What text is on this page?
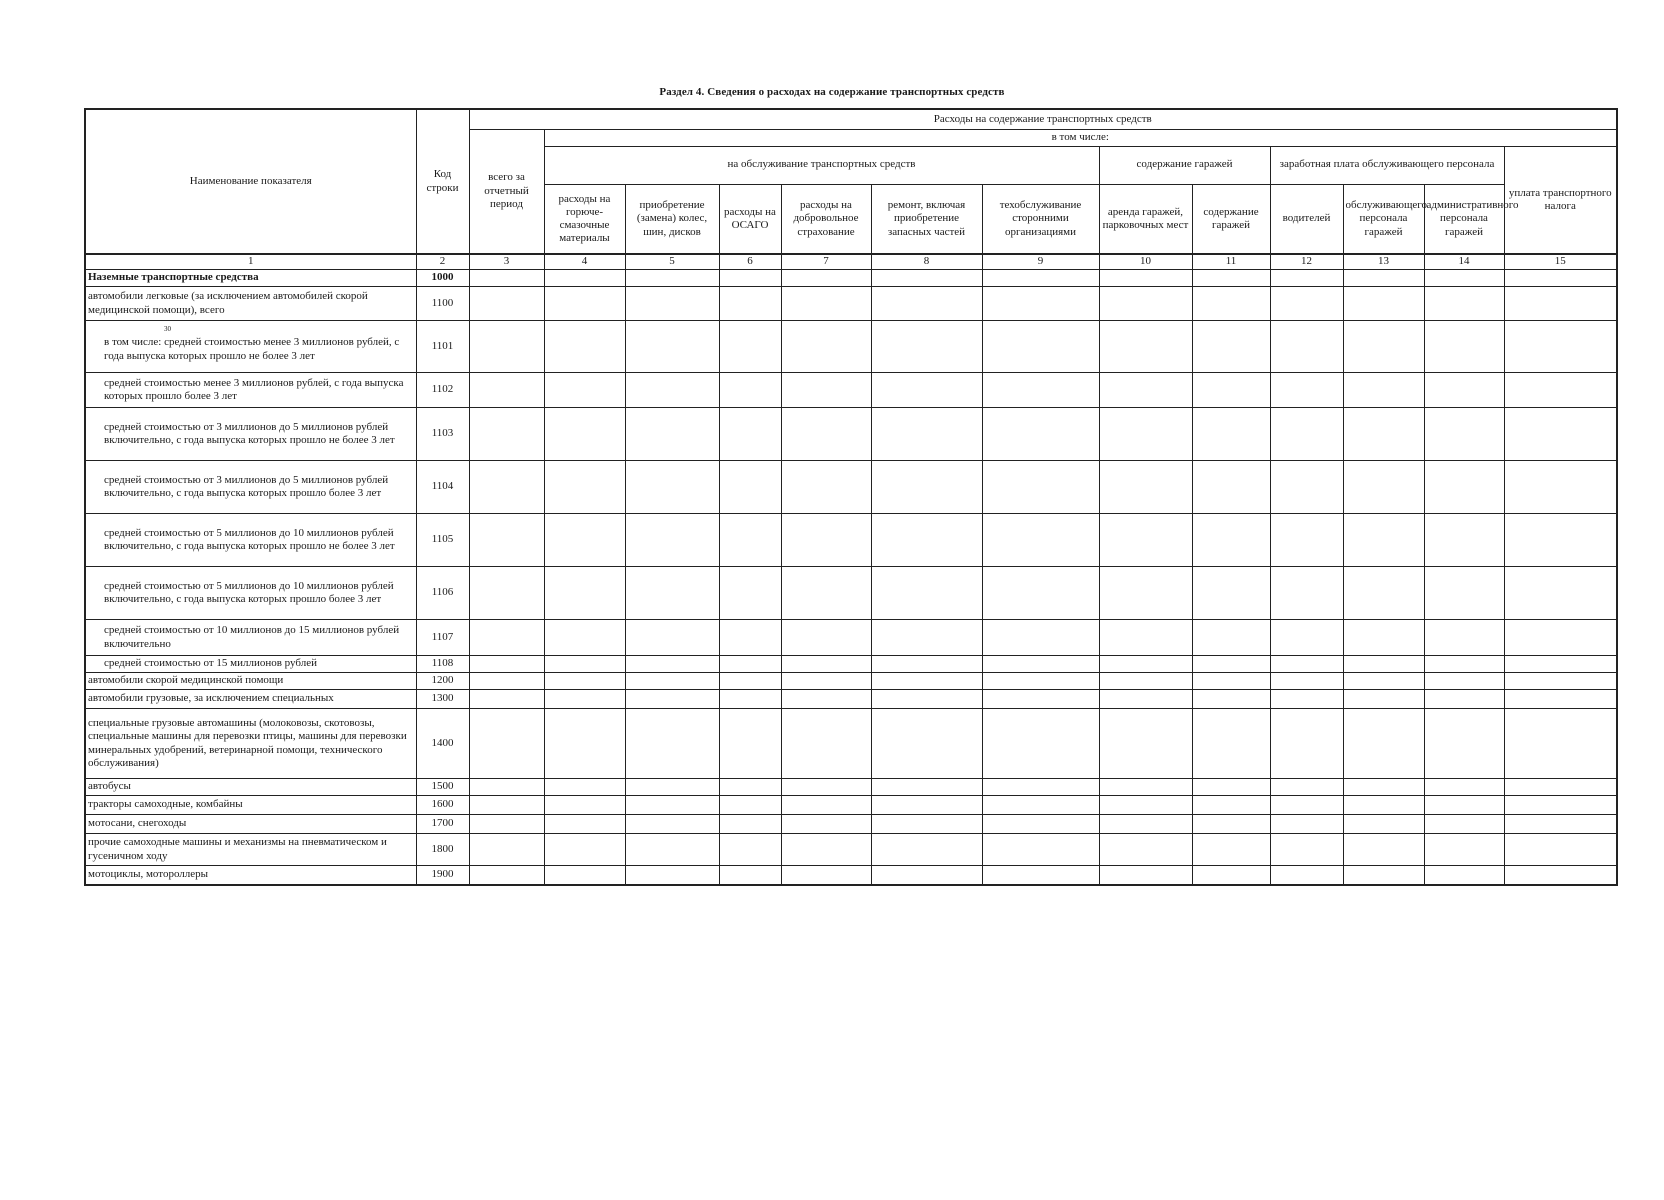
Раздел 4. Сведения о расходах на содержание транспортных средств
Наименование показателя	Код строки	Расходы на содержание транспортных средств												
		всего за отчетный период	в том числе:											
			на обслуживание транспортных средств						содержание гаражей		заработная плата обслуживающего персонала			уплата транспортного налога
			расходы на горюче-смазочные материалы	приобретение (замена) колес, шин, дисков	расходы на ОСАГО	расходы на добровольное страхование	ремонт, включая приобретение запасных частей	техобслуживание сторонними организациями	аренда гаражей, парковочных мест	содержание гаражей	водителей	обслуживающего персонала гаражей	административного персонала гаражей	

1	2	3	4	5	6	7	8	9	10	11	12	13	14	15
Наземные транспортные средства	1000													
автомобили легковые (за исключением автомобилей скорой медицинской помощи), всего	1100													

30
в том числе: средней стоимостью менее 3 миллионов рублей, с года выпуска которых прошло не более 3 лет	1101													
средней стоимостью менее 3 миллионов рублей, с года выпуска которых прошло более 3 лет	1102													
средней стоимостью от 3 миллионов до 5 миллионов рублей включительно, с года выпуска которых прошло не более 3 лет	1103													
средней стоимостью от 3 миллионов до 5 миллионов рублей включительно, с года выпуска которых прошло более 3 лет	1104													
средней стоимостью от 5 миллионов до 10 миллионов рублей включительно, с года выпуска которых прошло не более 3 лет	1105													
средней стоимостью от 5 миллионов до 10 миллионов рублей включительно, с года выпуска которых прошло более 3 лет	1106													
средней стоимостью от 10 миллионов до 15 миллионов рублей включительно	1107													
средней стоимостью от 15 миллионов рублей	1108													
автомобили скорой медицинской помощи	1200													
автомобили грузовые, за исключением специальных	1300													
специальные грузовые автомашины (молоковозы, скотовозы, специальные машины для перевозки птицы, машины для перевозки минеральных удобрений, ветеринарной помощи, технического обслуживания)	1400													
автобусы	1500													
тракторы самоходные, комбайны	1600													
мотосани, снегоходы	1700													
прочие самоходные машины и механизмы на пневматическом и гусеничном ходу	1800													
мотоциклы, мотороллеры	1900													
